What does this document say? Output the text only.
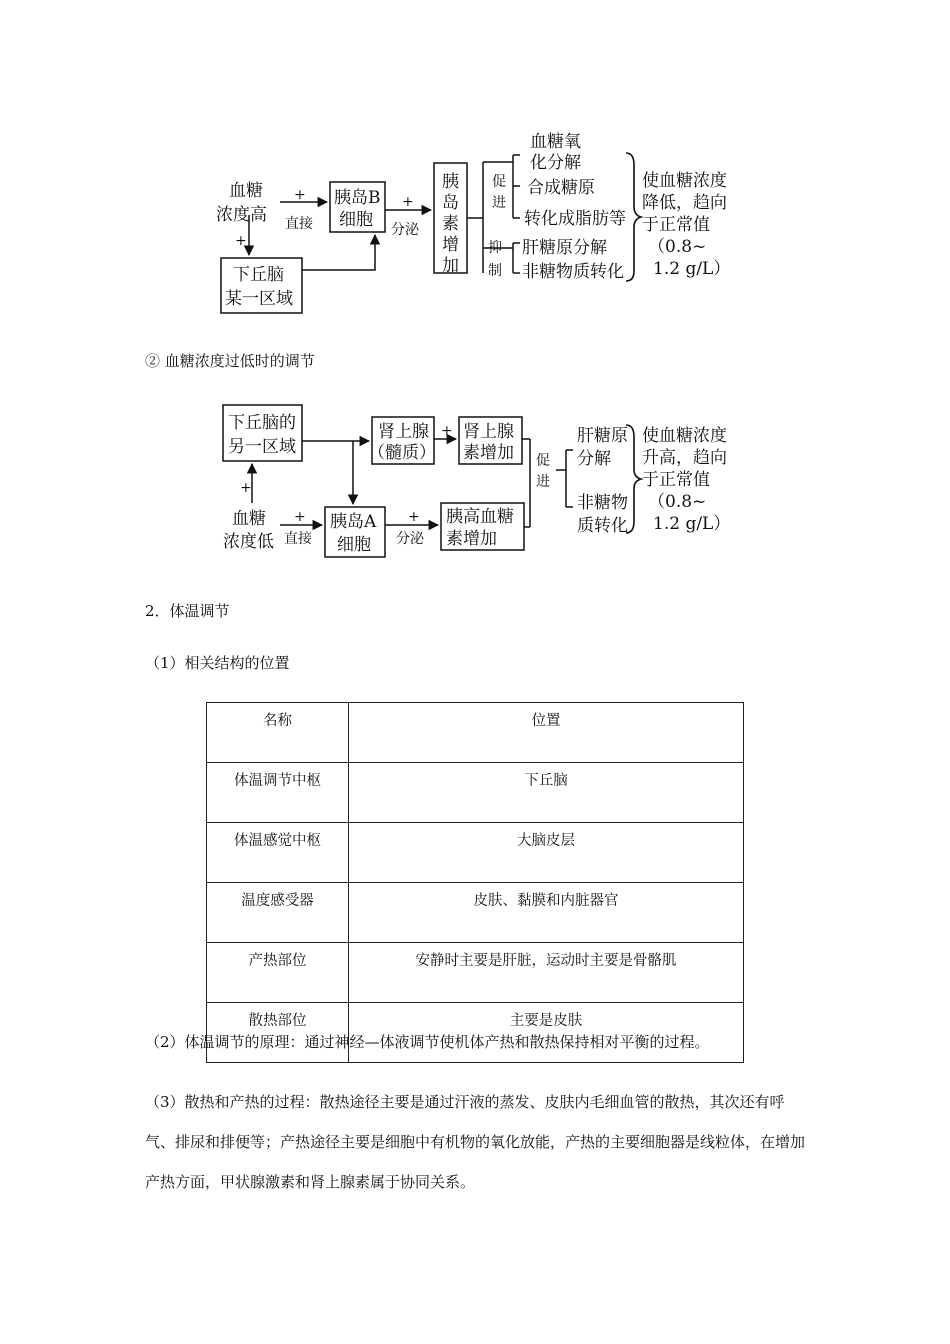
血糖
浓度高
下丘脑
某一区域
胰岛B
细胞
胰
岛
素
增
加
血糖氧
化分解
合成糖原
转化成脂肪等
肝糖原分解
非糖物质转化
使血糖浓度
降低，趋向
于正常值
（0.8~
1.2 g/L）
+
直接
+
+
分泌
促
进
抑
制

② 血糖浓度过低时的调节

下丘脑的
另一区域
肾上腺
（髓质）
肾上腺
素增加
血糖
浓度低
胰岛A
细胞
胰高血糖
素增加
肝糖原
分解
非糖物
质转化
使血糖浓度
升高，趋向
于正常值
（0.8~
1.2 g/L）
+
+
+
直接
+
分泌
促
进

2．体温调节

（1）相关结构的位置

名称	位置
体温调节中枢	下丘脑
体温感觉中枢	大脑皮层
温度感受器	皮肤、黏膜和内脏器官
产热部位	安静时主要是肝脏，运动时主要是骨骼肌
散热部位	主要是皮肤

（2）体温调节的原理：通过神经—体液调节使机体产热和散热保持相对平衡的过程。

（3）散热和产热的过程：散热途径主要是通过汗液的蒸发、皮肤内毛细血管的散热，其次还有呼气、排尿和排便等；产热途径主要是细胞中有机物的氧化放能，产热的主要细胞器是线粒体，在增加产热方面，甲状腺激素和肾上腺素属于协同关系。
